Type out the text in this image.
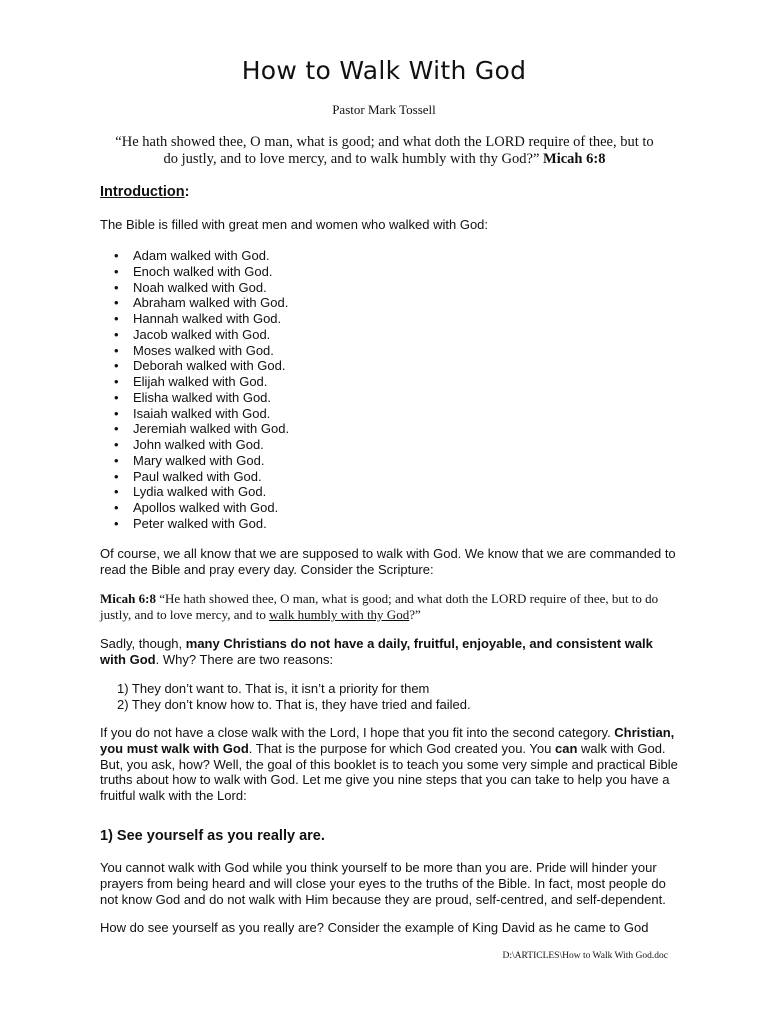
How to Walk With God
Pastor Mark Tossell
“He hath showed thee, O man, what is good; and what doth the LORD require of thee, but to do justly, and to love mercy, and to walk humbly with thy God?” Micah 6:8
Introduction:
The Bible is filled with great men and women who walked with God:
• Adam walked with God.
• Enoch walked with God.
• Noah walked with God.
• Abraham walked with God.
• Hannah walked with God.
• Jacob walked with God.
• Moses walked with God.
• Deborah walked with God.
• Elijah walked with God.
• Elisha walked with God.
• Isaiah walked with God.
• Jeremiah walked with God.
• John walked with God.
• Mary walked with God.
• Paul walked with God.
• Lydia walked with God.
• Apollos walked with God.
• Peter walked with God.
Of course, we all know that we are supposed to walk with God. We know that we are commanded to read the Bible and pray every day. Consider the Scripture:
Micah 6:8 “He hath showed thee, O man, what is good; and what doth the LORD require of thee, but to do justly, and to love mercy, and to walk humbly with thy God?”
Sadly, though, many Christians do not have a daily, fruitful, enjoyable, and consistent walk with God. Why? There are two reasons:
1) They don’t want to. That is, it isn’t a priority for them
2) They don’t know how to. That is, they have tried and failed.
If you do not have a close walk with the Lord, I hope that you fit into the second category. Christian, you must walk with God. That is the purpose for which God created you. You can walk with God. But, you ask, how? Well, the goal of this booklet is to teach you some very simple and practical Bible truths about how to walk with God. Let me give you nine steps that you can take to help you have a fruitful walk with the Lord:
1) See yourself as you really are.
You cannot walk with God while you think yourself to be more than you are. Pride will hinder your prayers from being heard and will close your eyes to the truths of the Bible. In fact, most people do not know God and do not walk with Him because they are proud, self-centred, and self-dependent.
How do see yourself as you really are? Consider the example of King David as he came to God
D:\ARTICLES\How to Walk With God.doc
